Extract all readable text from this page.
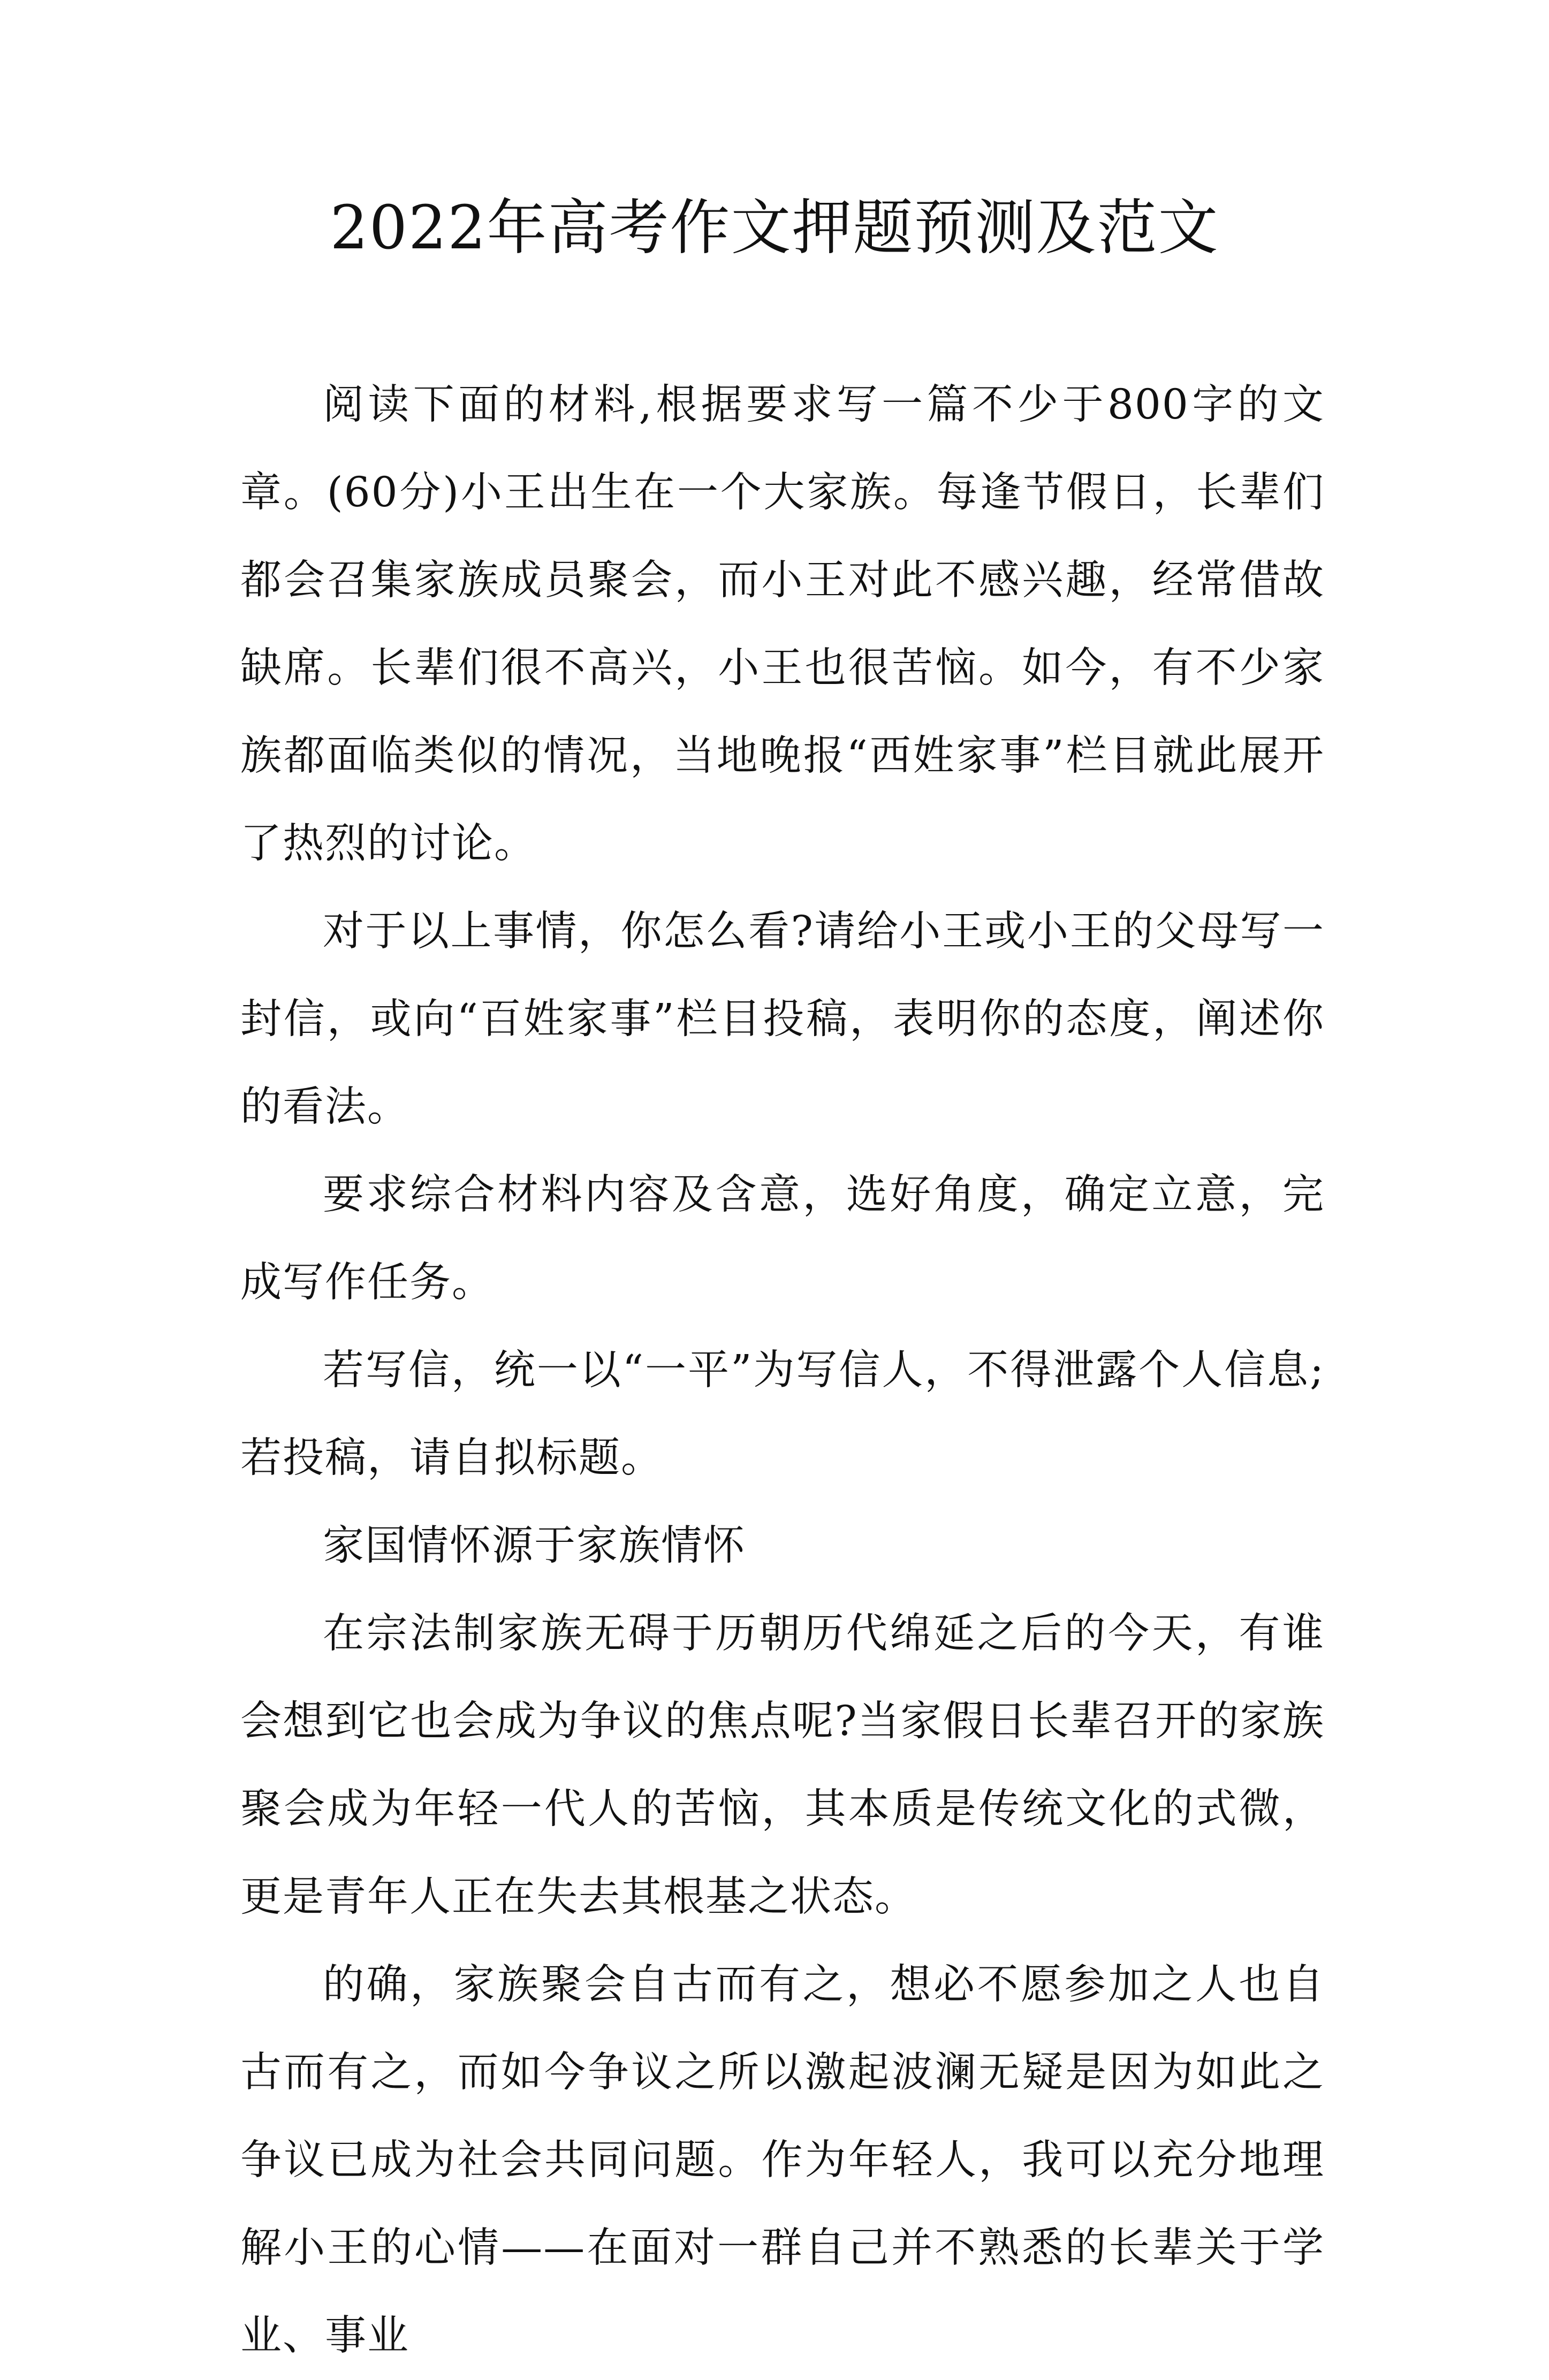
2022年高考作文押题预测及范文

阅读下面的材料,根据要求写一篇不少于800字的文章。(60分)小王出生在一个大家族。每逢节假日，长辈们都会召集家族成员聚会，而小王对此不感兴趣，经常借故缺席。长辈们很不高兴，小王也很苦恼。如今，有不少家族都面临类似的情况，当地晚报“西姓家事”栏目就此展开了热烈的讨论。

对于以上事情，你怎么看?请给小王或小王的父母写一封信，或向“百姓家事”栏目投稿，表明你的态度，阐述你的看法。

要求综合材料内容及含意，选好角度，确定立意，完成写作任务。

若写信，统一以“一平”为写信人，不得泄露个人信息;若投稿，请自拟标题。

家国情怀源于家族情怀

在宗法制家族无碍于历朝历代绵延之后的今天，有谁会想到它也会成为争议的焦点呢?当家假日长辈召开的家族聚会成为年轻一代人的苦恼，其本质是传统文化的式微，更是青年人正在失去其根基之状态。

的确，家族聚会自古而有之，想必不愿参加之人也自古而有之，而如今争议之所以激起波澜无疑是因为如此之争议已成为社会共同问题。作为年轻人，我可以充分地理解小王的心情——在面对一群自己并不熟悉的长辈关于学业、事业
